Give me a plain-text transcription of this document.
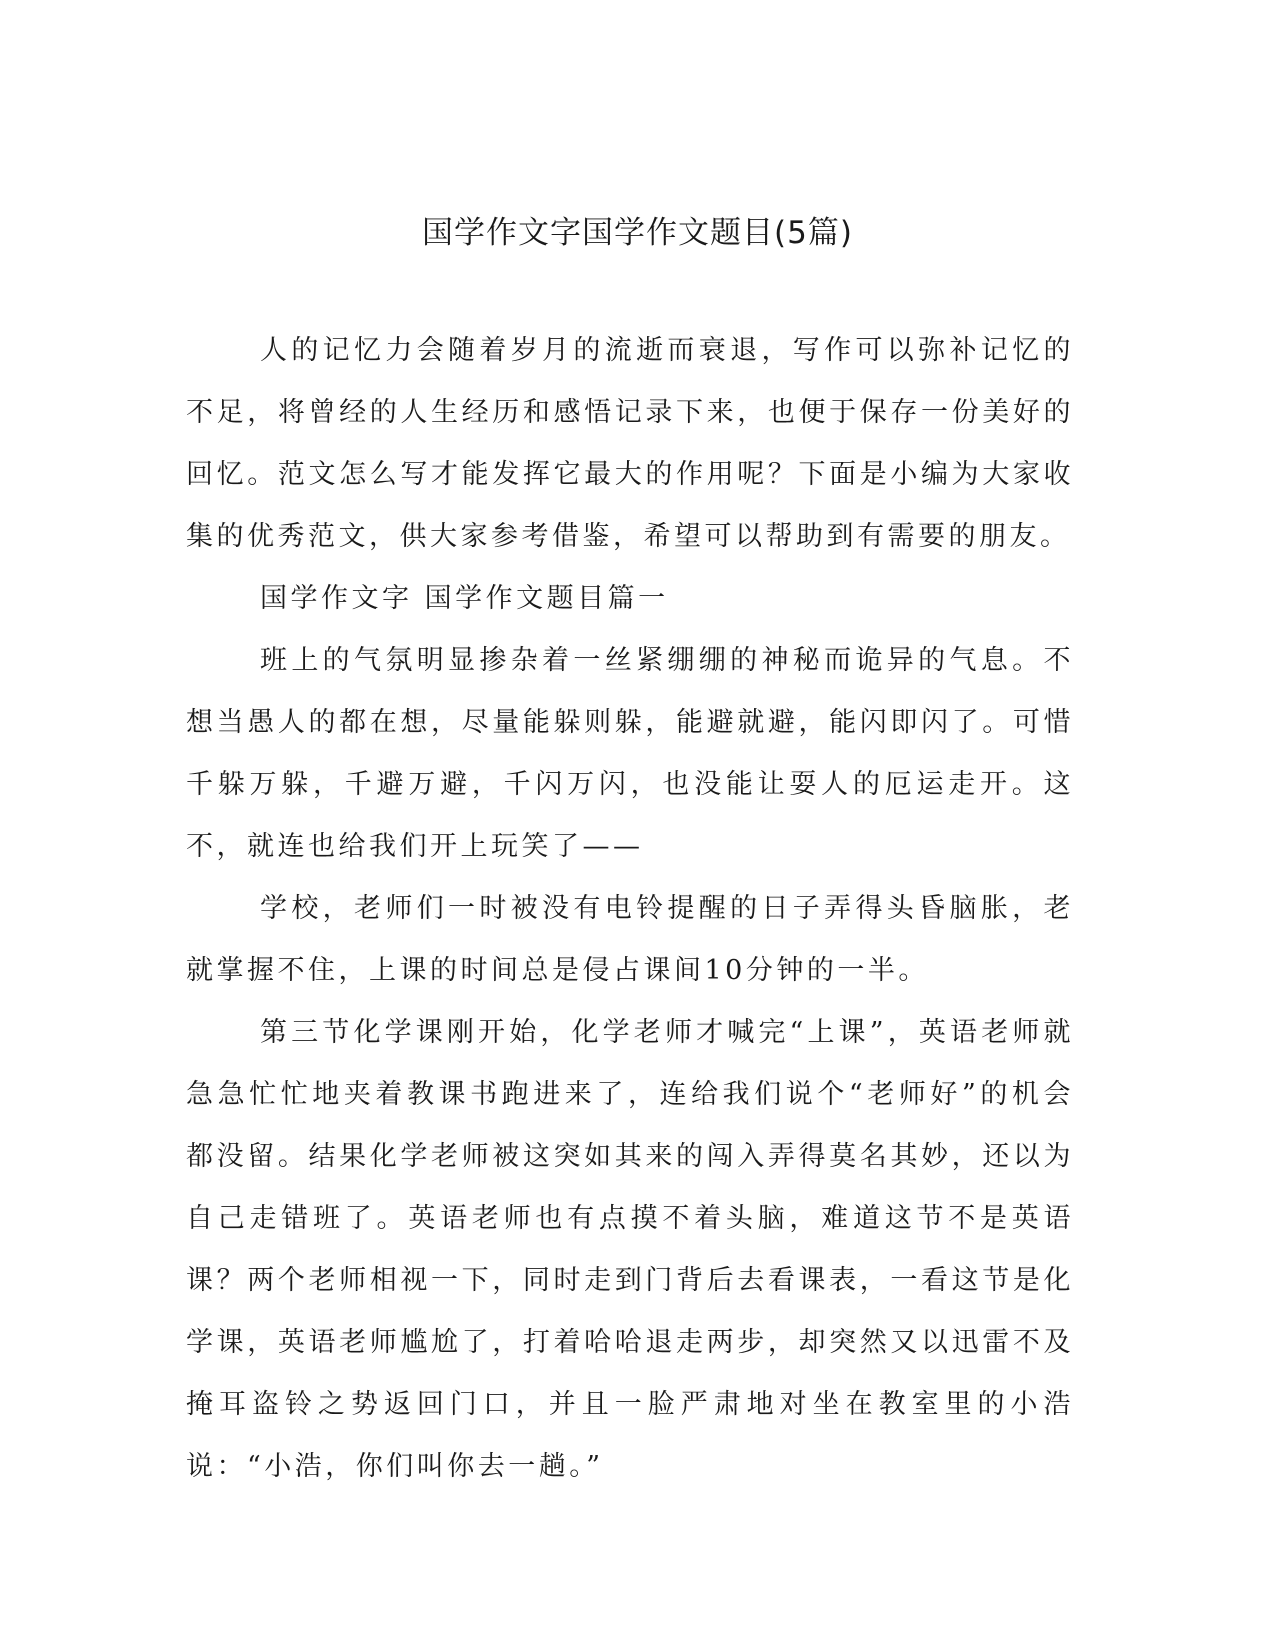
国学作文字国学作文题目(5篇)

人的记忆力会随着岁月的流逝而衰退，写作可以弥补记忆的不足，将曾经的人生经历和感悟记录下来，也便于保存一份美好的回忆。范文怎么写才能发挥它最大的作用呢？下面是小编为大家收集的优秀范文，供大家参考借鉴，希望可以帮助到有需要的朋友。

国学作文字 国学作文题目篇一

班上的气氛明显掺杂着一丝紧绷绷的神秘而诡异的气息。不想当愚人的都在想，尽量能躲则躲，能避就避，能闪即闪了。可惜千躲万躲，千避万避，千闪万闪，也没能让耍人的厄运走开。这不，就连也给我们开上玩笑了——

学校，老师们一时被没有电铃提醒的日子弄得头昏脑胀，老就掌握不住，上课的时间总是侵占课间10分钟的一半。

第三节化学课刚开始，化学老师才喊完“上课”，英语老师就急急忙忙地夹着教课书跑进来了，连给我们说个“老师好”的机会都没留。结果化学老师被这突如其来的闯入弄得莫名其妙，还以为自己走错班了。英语老师也有点摸不着头脑，难道这节不是英语课？两个老师相视一下，同时走到门背后去看课表，一看这节是化学课，英语老师尴尬了，打着哈哈退走两步，却突然又以迅雷不及掩耳盗铃之势返回门口，并且一脸严肃地对坐在教室里的小浩说：“小浩，你们叫你去一趟。”
